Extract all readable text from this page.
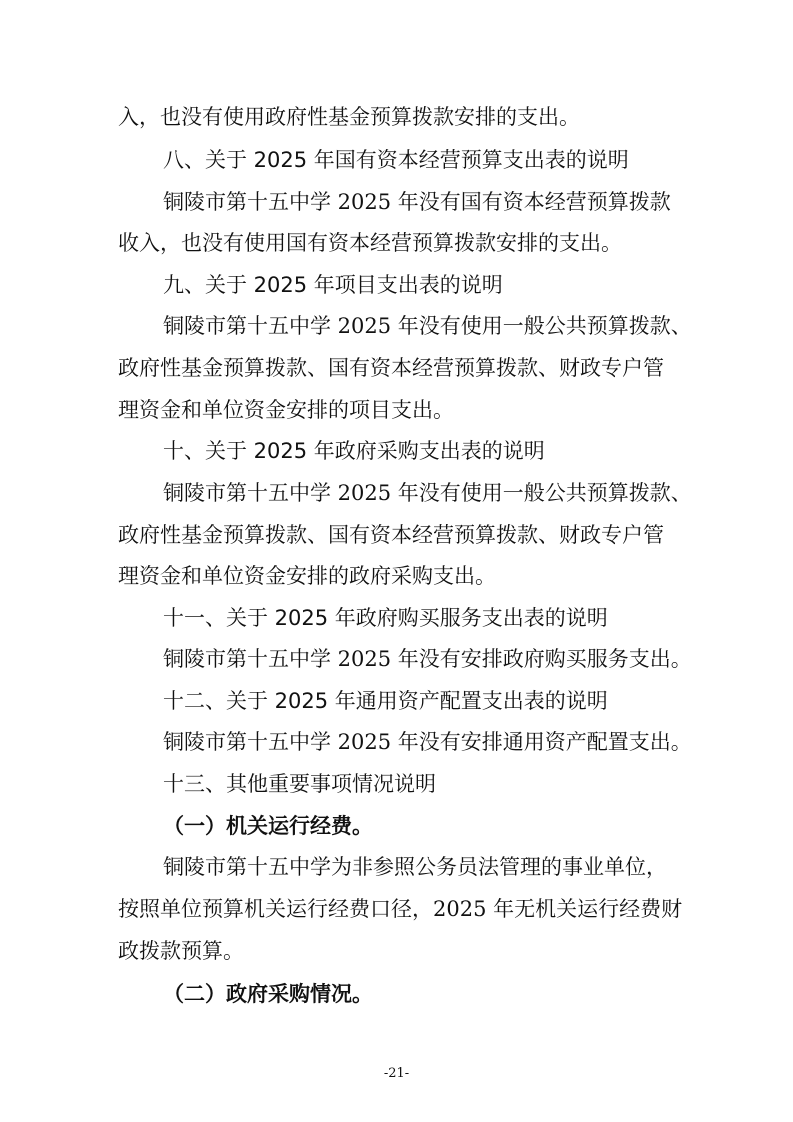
入，也没有使用政府性基金预算拨款安排的支出。
八、关于 2025 年国有资本经营预算支出表的说明
铜陵市第十五中学 2025 年没有国有资本经营预算拨款
收入，也没有使用国有资本经营预算拨款安排的支出。
九、关于 2025 年项目支出表的说明
铜陵市第十五中学 2025 年没有使用一般公共预算拨款、
政府性基金预算拨款、国有资本经营预算拨款、财政专户管
理资金和单位资金安排的项目支出。
十、关于 2025 年政府采购支出表的说明
铜陵市第十五中学 2025 年没有使用一般公共预算拨款、
政府性基金预算拨款、国有资本经营预算拨款、财政专户管
理资金和单位资金安排的政府采购支出。
十一、关于 2025 年政府购买服务支出表的说明
铜陵市第十五中学 2025 年没有安排政府购买服务支出。
十二、关于 2025 年通用资产配置支出表的说明
铜陵市第十五中学 2025 年没有安排通用资产配置支出。
十三、其他重要事项情况说明
（一）机关运行经费。
铜陵市第十五中学为非参照公务员法管理的事业单位，
按照单位预算机关运行经费口径，2025 年无机关运行经费财
政拨款预算。
（二）政府采购情况。
-21-
